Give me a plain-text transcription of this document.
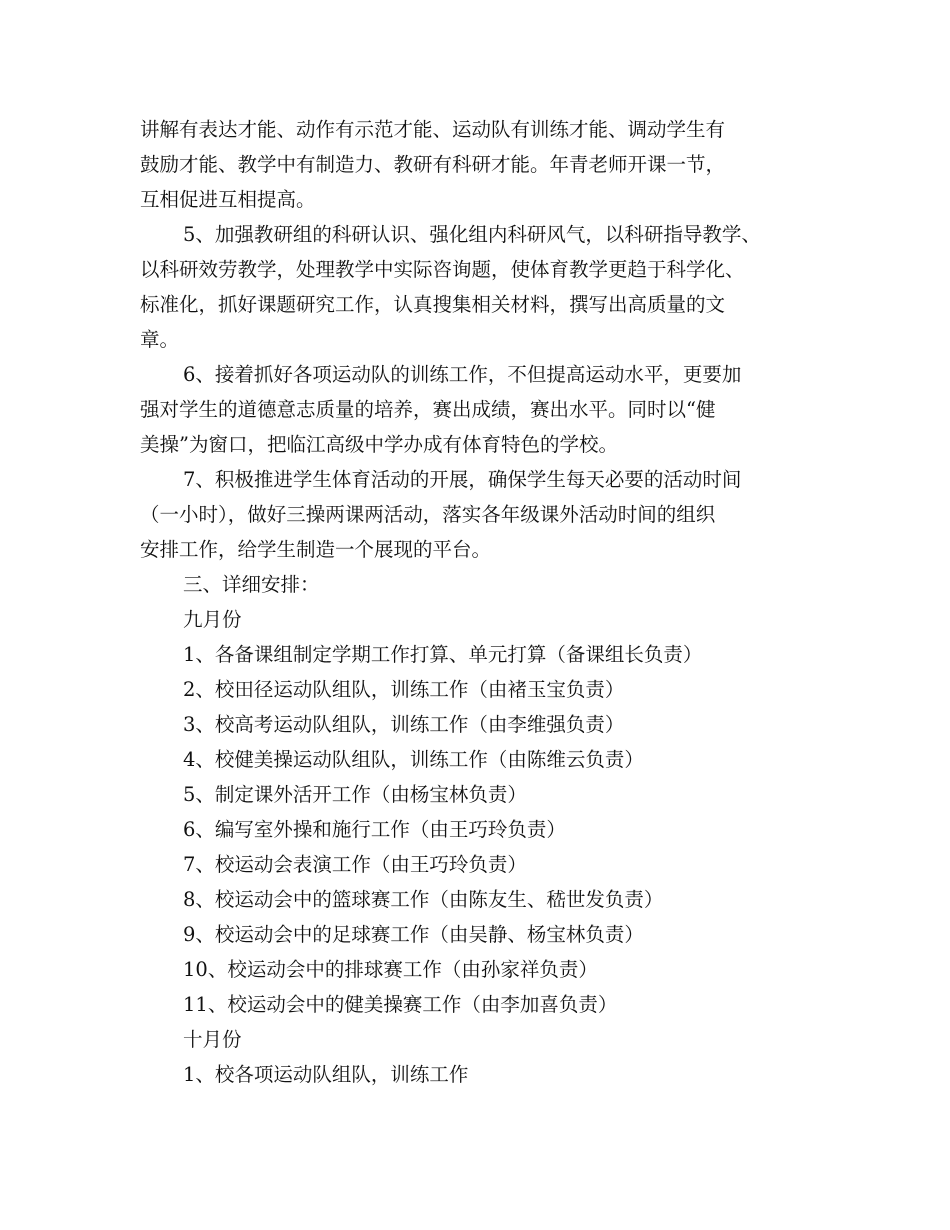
讲解有表达才能、动作有示范才能、运动队有训练才能、调动学生有
鼓励才能、教学中有制造力、教研有科研才能。年青老师开课一节，
互相促进互相提高。
5、加强教研组的科研认识、强化组内科研风气，以科研指导教学、
以科研效劳教学，处理教学中实际咨询题，使体育教学更趋于科学化、
标准化，抓好课题研究工作，认真搜集相关材料，撰写出高质量的文
章。
6、接着抓好各项运动队的训练工作，不但提高运动水平，更要加
强对学生的道德意志质量的培养，赛出成绩，赛出水平。同时以“健
美操”为窗口，把临江高级中学办成有体育特色的学校。
7、积极推进学生体育活动的开展，确保学生每天必要的活动时间
（一小时），做好三操两课两活动，落实各年级课外活动时间的组织
安排工作，给学生制造一个展现的平台。
三、详细安排：
九月份
1、各备课组制定学期工作打算、单元打算（备课组长负责）
2、校田径运动队组队，训练工作（由褚玉宝负责）
3、校高考运动队组队，训练工作（由李维强负责）
4、校健美操运动队组队，训练工作（由陈维云负责）
5、制定课外活开工作（由杨宝林负责）
6、编写室外操和施行工作（由王巧玲负责）
7、校运动会表演工作（由王巧玲负责）
8、校运动会中的篮球赛工作（由陈友生、嵇世发负责）
9、校运动会中的足球赛工作（由吴静、杨宝林负责）
10、校运动会中的排球赛工作（由孙家祥负责）
11、校运动会中的健美操赛工作（由李加喜负责）
十月份
1、校各项运动队组队，训练工作
